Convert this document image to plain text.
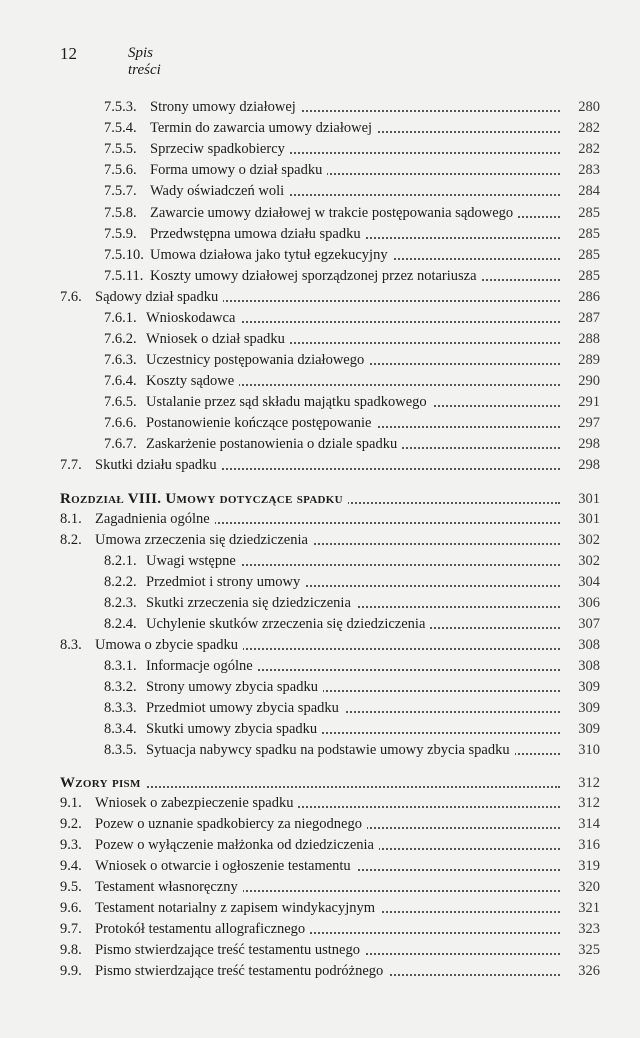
12	Spis treści
7.5.3. Strony umowy działowej	280
7.5.4. Termin do zawarcia umowy działowej	282
7.5.5. Sprzeciw spadkobiercy	282
7.5.6. Forma umowy o dział spadku	283
7.5.7. Wady oświadczeń woli	284
7.5.8. Zawarcie umowy działowej w trakcie postępowania sądowego	285
7.5.9. Przedwstępna umowa działu spadku	285
7.5.10. Umowa działowa jako tytuł egzekucyjny	285
7.5.11. Koszty umowy działowej sporządzonej przez notariusza	285
7.6. Sądowy dział spadku	286
7.6.1. Wnioskodawca	287
7.6.2. Wniosek o dział spadku	288
7.6.3. Uczestnicy postępowania działowego	289
7.6.4. Koszty sądowe	290
7.6.5. Ustalanie przez sąd składu majątku spadkowego	291
7.6.6. Postanowienie kończące postępowanie	297
7.6.7. Zaskarżenie postanowienia o dziale spadku	298
7.7. Skutki działu spadku	298
Rozdział VIII. Umowy dotyczące spadku	301
8.1. Zagadnienia ogólne	301
8.2. Umowa zrzeczenia się dziedziczenia	302
8.2.1. Uwagi wstępne	302
8.2.2. Przedmiot i strony umowy	304
8.2.3. Skutki zrzeczenia się dziedziczenia	306
8.2.4. Uchylenie skutków zrzeczenia się dziedziczenia	307
8.3. Umowa o zbycie spadku	308
8.3.1. Informacje ogólne	308
8.3.2. Strony umowy zbycia spadku	309
8.3.3. Przedmiot umowy zbycia spadku	309
8.3.4. Skutki umowy zbycia spadku	309
8.3.5. Sytuacja nabywcy spadku na podstawie umowy zbycia spadku	310
Wzory pism	312
9.1. Wniosek o zabezpieczenie spadku	312
9.2. Pozew o uznanie spadkobiercy za niegodnego	314
9.3. Pozew o wyłączenie małżonka od dziedziczenia	316
9.4. Wniosek o otwarcie i ogłoszenie testamentu	319
9.5. Testament własnoręczny	320
9.6. Testament notarialny z zapisem windykacyjnym	321
9.7. Protokół testamentu allograficznego	323
9.8. Pismo stwierdzające treść testamentu ustnego	325
9.9. Pismo stwierdzające treść testamentu podróżnego	326
